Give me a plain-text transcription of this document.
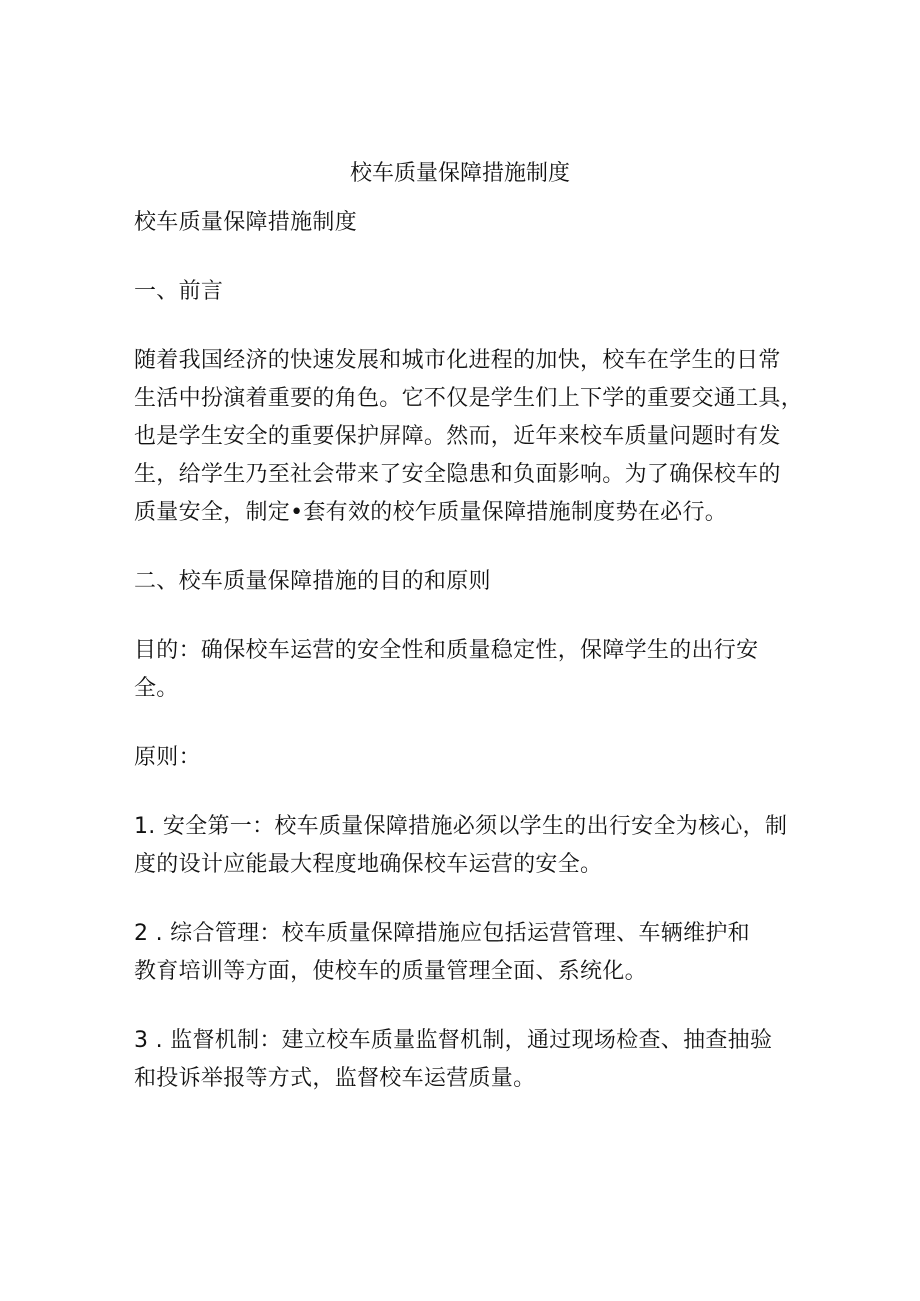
校车质量保障措施制度

校车质量保障措施制度

一、前言

随着我国经济的快速发展和城市化进程的加快，校车在学生的日常
生活中扮演着重要的角色。它不仅是学生们上下学的重要交通工具，
也是学生安全的重要保护屏障。然而，近年来校车质量问题时有发
生，给学生乃至社会带来了安全隐患和负面影响。为了确保校车的
质量安全，制定•套有效的校乍质量保障措施制度势在必行。

二、校车质量保障措施的目的和原则

目的：确保校车运营的安全性和质量稳定性，保障学生的出行安
全。

原则：

1. 安全第一：校车质量保障措施必须以学生的出行安全为核心，制
度的设计应能最大程度地确保校车运营的安全。

2 . 综合管理：校车质量保障措施应包括运营管理、车辆维护和
教育培训等方面，使校车的质量管理全面、系统化。

3 . 监督机制：建立校车质量监督机制，通过现场检查、抽查抽验
和投诉举报等方式，监督校车运营质量。
